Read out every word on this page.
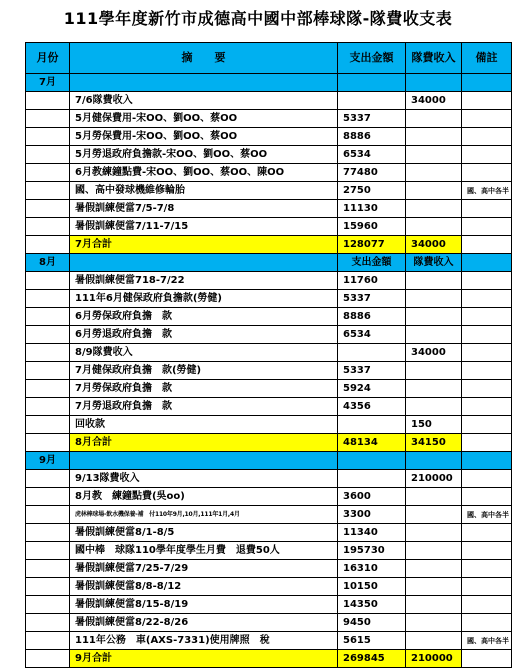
111學年度新竹市成德高中國中部棒球隊-隊費收支表
月份	摘　　要	支出金額	隊費收入	備註
7月				
	7/6隊費收入		34000	
	5月健保費用-宋OO、劉OO、蔡OO	5337		
	5月勞保費用-宋OO、劉OO、蔡OO	8886		
	5月勞退政府負擔款-宋OO、劉OO、蔡OO	6534		
	6月教練鐘點費-宋OO、劉OO、蔡OO、陳OO	77480		
	國、高中發球機維修輪胎	2750		國、高中各半
	暑假訓練便當7/5-7/8	11130		
	暑假訓練便當7/11-7/15	15960		
	7月合計	128077	34000	
8月		支出金額	隊費收入	
	暑假訓練便當718-7/22	11760		
	111年6月健保政府負擔款(勞健)	5337		
	6月勞保政府負擔　款	8886		
	6月勞退政府負擔　款	6534		
	8/9隊費收入		34000	
	7月健保政府負擔　款(勞健)	5337		
	7月勞保政府負擔　款	5924		
	7月勞退政府負擔　款	4356		
	回收款		150	
	8月合計	48134	34150	
9月				
	9/13隊費收入		210000	
	8月教　練鐘點費(吳oo)	3600		
	虎林棒球場-飲水機保養-補　付110年9月,10月,111年1月,4月	3300		國、高中各半
	暑假訓練便當8/1-8/5	11340		
	國中棒　球隊110學年度學生月費　退費50人	195730		
	暑假訓練便當7/25-7/29	16310		
	暑假訓練便當8/8-8/12	10150		
	暑假訓練便當8/15-8/19	14350		
	暑假訓練便當8/22-8/26	9450		
	111年公務　車(AXS-7331)使用牌照　稅	5615		國、高中各半
	9月合計	269845	210000	
